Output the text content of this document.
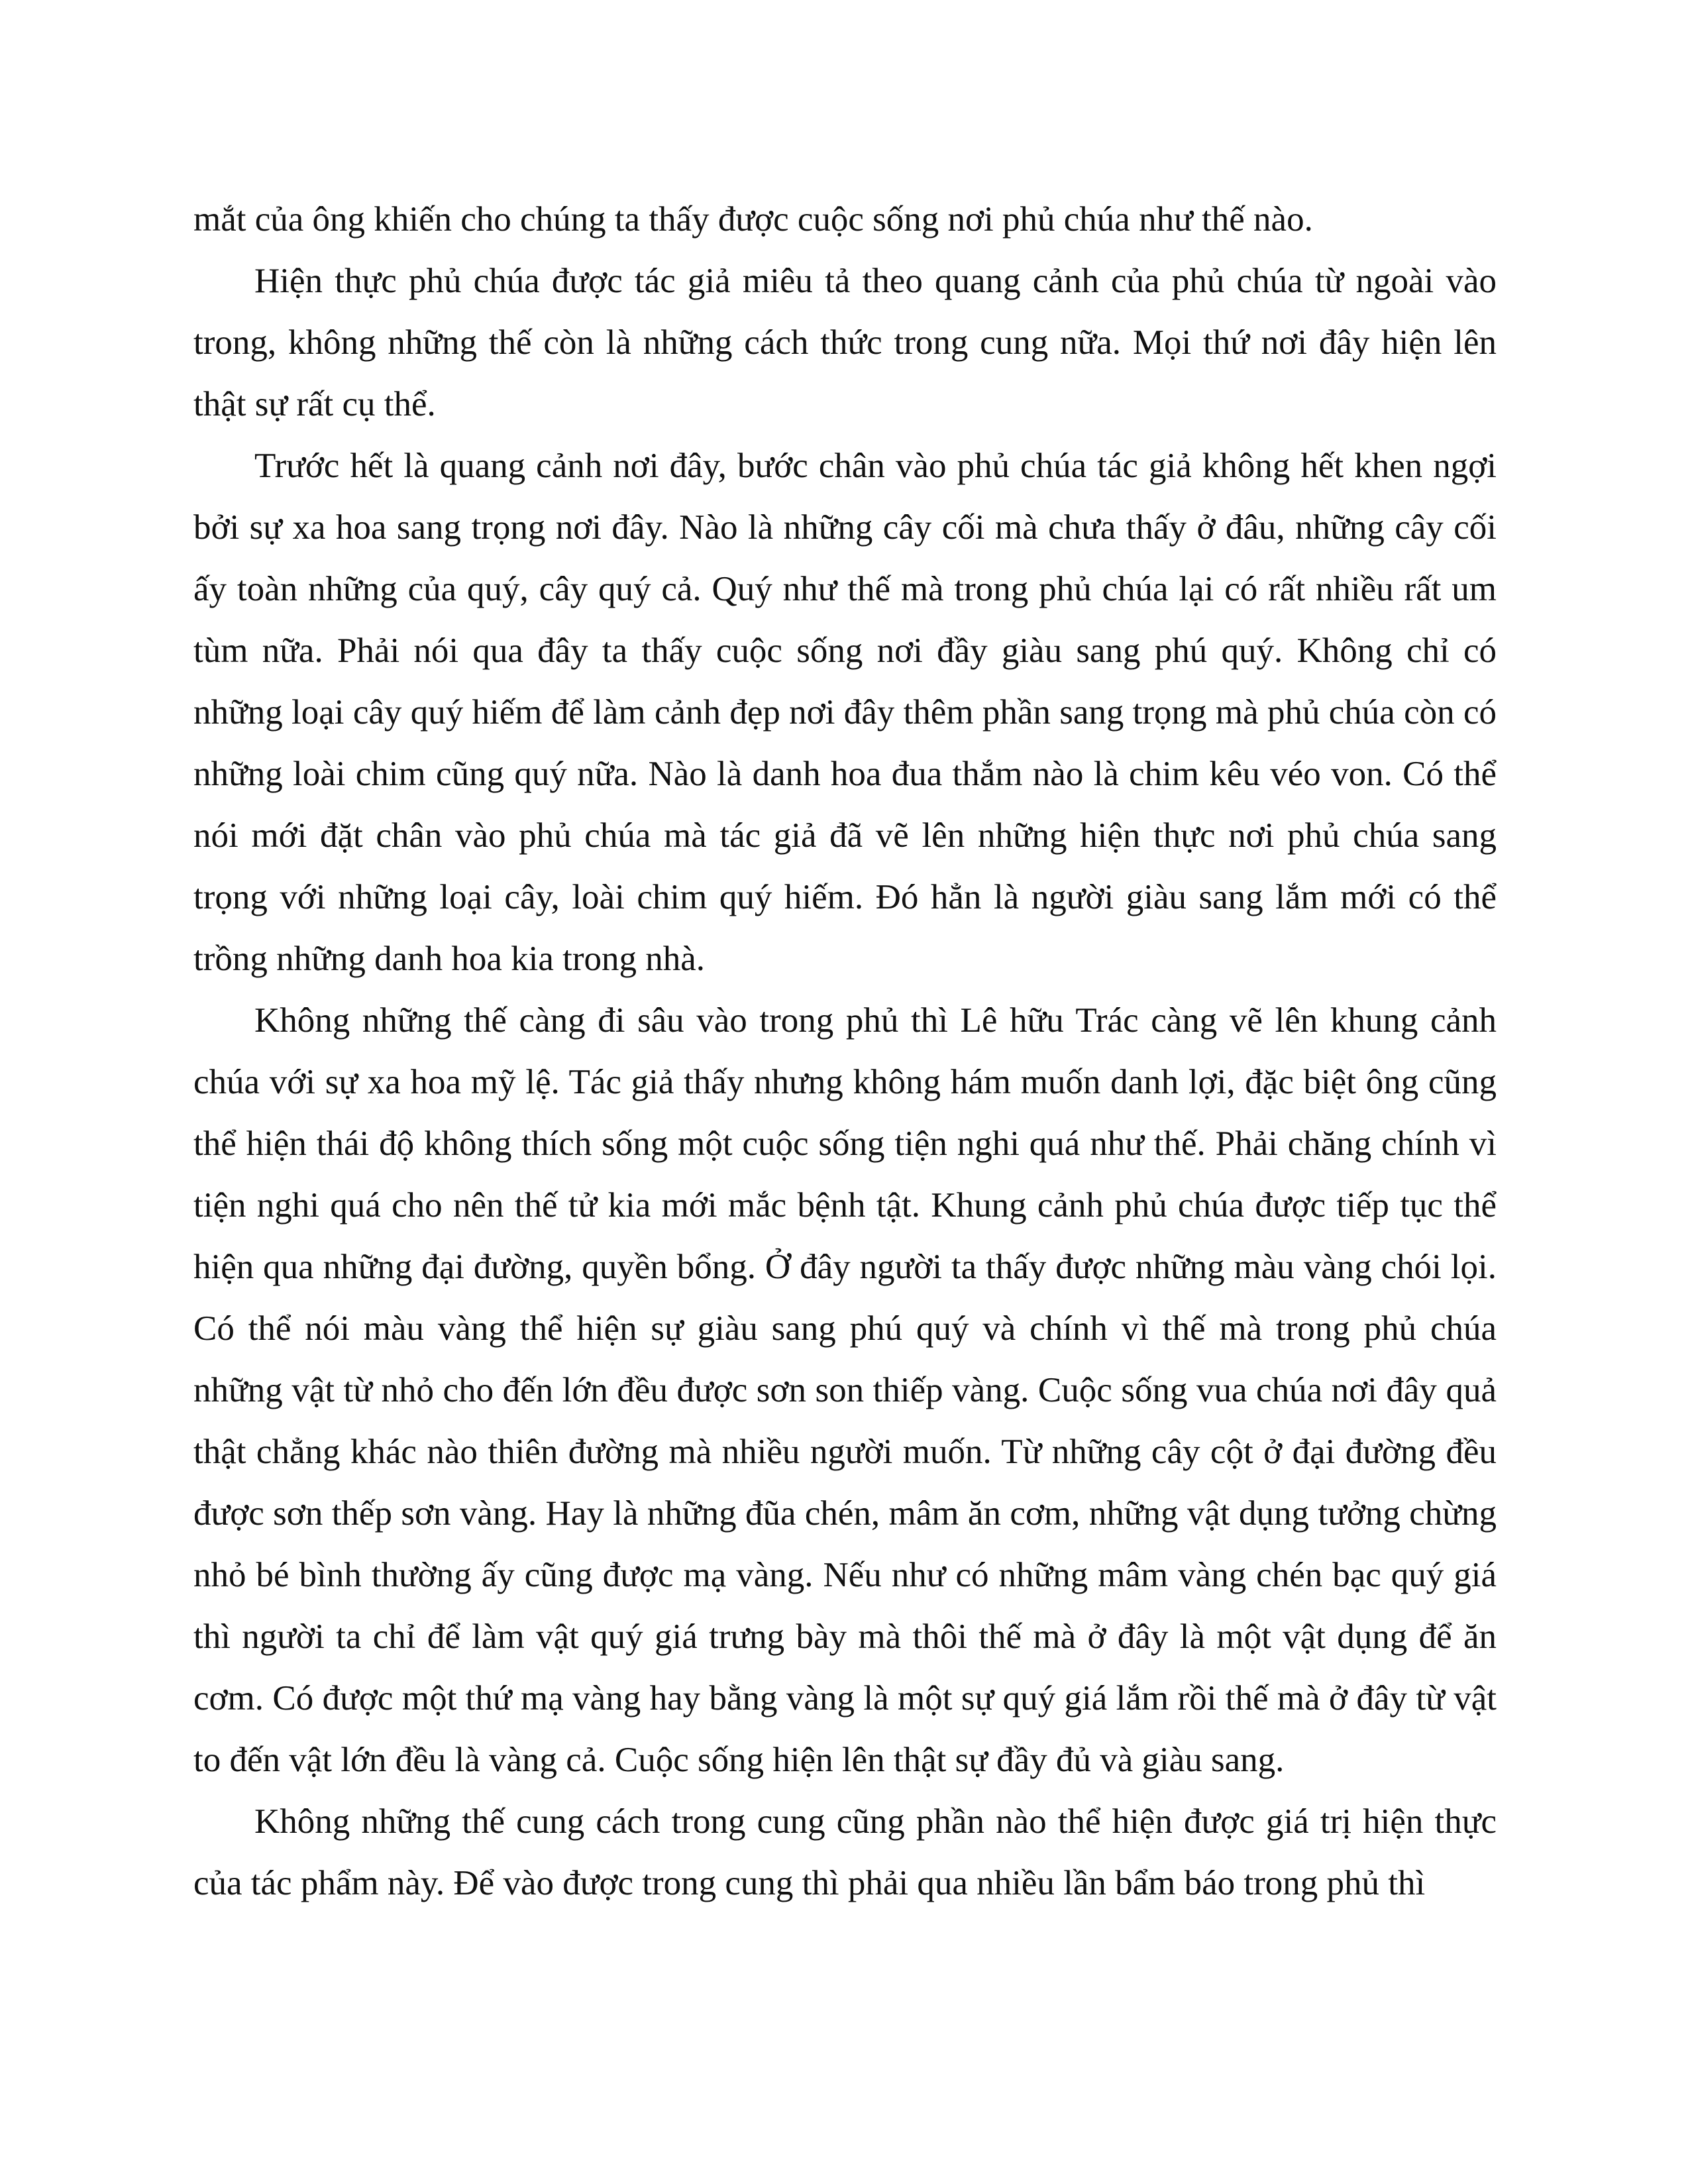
mắt của ông khiến cho chúng ta thấy được cuộc sống nơi phủ chúa như thế nào.

Hiện thực phủ chúa được tác giả miêu tả theo quang cảnh của phủ chúa từ ngoài vào trong, không những thế còn là những cách thức trong cung nữa. Mọi thứ nơi đây hiện lên thật sự rất cụ thể.

Trước hết là quang cảnh nơi đây, bước chân vào phủ chúa tác giả không hết khen ngợi bởi sự xa hoa sang trọng nơi đây. Nào là những cây cối mà chưa thấy ở đâu, những cây cối ấy toàn những của quý, cây quý cả. Quý như thế mà trong phủ chúa lại có rất nhiều rất um tùm nữa. Phải nói qua đây ta thấy cuộc sống nơi đầy giàu sang phú quý. Không chỉ có những loại cây quý hiếm để làm cảnh đẹp nơi đây thêm phần sang trọng mà phủ chúa còn có những loài chim cũng quý nữa. Nào là danh hoa đua thắm nào là chim kêu véo von. Có thể nói mới đặt chân vào phủ chúa mà tác giả đã vẽ lên những hiện thực nơi phủ chúa sang trọng với những loại cây, loài chim quý hiếm. Đó hẳn là người giàu sang lắm mới có thể trồng những danh hoa kia trong nhà.

Không những thế càng đi sâu vào trong phủ thì Lê hữu Trác càng vẽ lên khung cảnh chúa với sự xa hoa mỹ lệ. Tác giả thấy nhưng không hám muốn danh lợi, đặc biệt ông cũng thể hiện thái độ không thích sống một cuộc sống tiện nghi quá như thế. Phải chăng chính vì tiện nghi quá cho nên thế tử kia mới mắc bệnh tật. Khung cảnh phủ chúa được tiếp tục thể hiện qua những đại đường, quyền bổng. Ở đây người ta thấy được những màu vàng chói lọi. Có thể nói màu vàng thể hiện sự giàu sang phú quý và chính vì thế mà trong phủ chúa những vật từ nhỏ cho đến lớn đều được sơn son thiếp vàng. Cuộc sống vua chúa nơi đây quả thật chẳng khác nào thiên đường mà nhiều người muốn. Từ những cây cột ở đại đường đều được sơn thếp sơn vàng. Hay là những đũa chén, mâm ăn cơm, những vật dụng tưởng chừng nhỏ bé bình thường ấy cũng được mạ vàng. Nếu như có những mâm vàng chén bạc quý giá thì người ta chỉ để làm vật quý giá trưng bày mà thôi thế mà ở đây là một vật dụng để ăn cơm. Có được một thứ mạ vàng hay bằng vàng là một sự quý giá lắm rồi thế mà ở đây từ vật to đến vật lớn đều là vàng cả. Cuộc sống hiện lên thật sự đầy đủ và giàu sang.

Không những thế cung cách trong cung cũng phần nào thể hiện được giá trị hiện thực của tác phẩm này. Để vào được trong cung thì phải qua nhiều lần bẩm báo trong phủ thì
